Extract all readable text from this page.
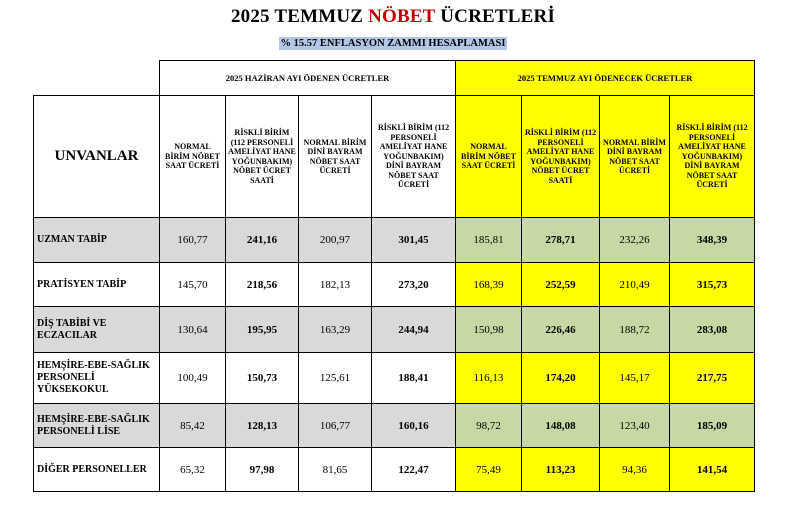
2025 TEMMUZ NÖBET ÜCRETLERİ
% 15.57 ENFLASYON ZAMMI HESAPLAMASI
	2025 HAZİRAN AYI ÖDENEN ÜCRETLER				2025 TEMMUZ AYI ÖDENECEK ÜCRETLER			
UNVANLAR	NORMAL BİRİM NÖBET SAAT ÜCRETİ	RİSKLİ BİRİM (112 PERSONELİ AMELİYAT HANE YOĞUNBAKIM) NÖBET ÜCRET SAATİ	NORMAL BİRİM DİNİ BAYRAM NÖBET SAAT ÜCRETİ	RİSKLİ BİRİM (112 PERSONELİ AMELİYAT HANE YOĞUNBAKIM) DİNİ BAYRAM NÖBET SAAT ÜCRETİ	NORMAL BİRİM NÖBET SAAT ÜCRETİ	RİSKLİ BİRİM (112 PERSONELİ AMELİYAT HANE YOĞUNBAKIM) NÖBET ÜCRET SAATİ	NORMAL BİRİM DİNİ BAYRAM NÖBET SAAT ÜCRETİ	RİSKLİ BİRİM (112 PERSONELİ AMELİYAT HANE YOĞUNBAKIM) DİNİ BAYRAM NÖBET SAAT ÜCRETİ
UZMAN TABİP	160,77	241,16	200,97	301,45	185,81	278,71	232,26	348,39
PRATİSYEN TABİP	145,70	218,56	182,13	273,20	168,39	252,59	210,49	315,73
DİŞ TABİBİ VE ECZACILAR	130,64	195,95	163,29	244,94	150,98	226,46	188,72	283,08
HEMŞİRE-EBE-SAĞLIK PERSONELİ YÜKSEKOKUL	100,49	150,73	125,61	188,41	116,13	174,20	145,17	217,75
HEMŞİRE-EBE-SAĞLIK PERSONELİ LİSE	85,42	128,13	106,77	160,16	98,72	148,08	123,40	185,09
DİĞER PERSONELLER	65,32	97,98	81,65	122,47	75,49	113,23	94,36	141,54
